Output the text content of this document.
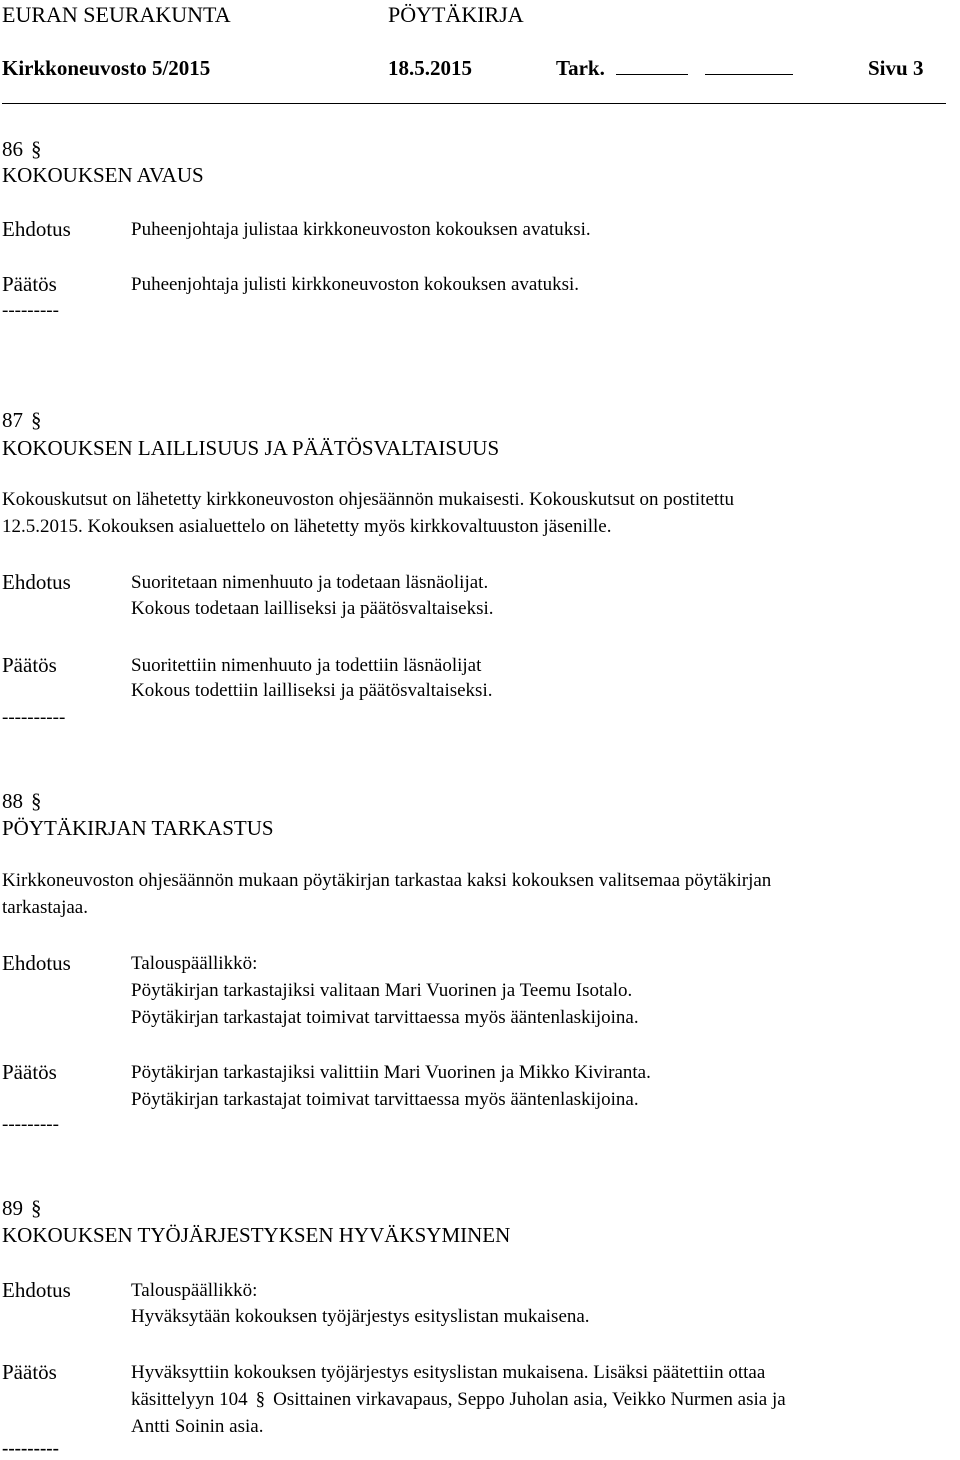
EURAN SEURAKUNTA	PÖYTÄKIRJA
Kirkkoneuvosto 5/2015	18.5.2015	Tark.	Sivu 3
86 §
KOKOUKSEN AVAUS
Ehdotus	Puheenjohtaja julistaa kirkkoneuvoston kokouksen avatuksi.
Päätös	Puheenjohtaja julisti kirkkoneuvoston kokouksen avatuksi.
---------
87 §
KOKOUKSEN LAILLISUUS JA PÄÄTÖSVALTAISUUS
Kokouskutsut on lähetetty kirkkoneuvoston ohjesäännön mukaisesti. Kokouskutsut on postitettu
12.5.2015. Kokouksen asialuettelo on lähetetty myös kirkkovaltuuston jäsenille.
Ehdotus	Suoritetaan nimenhuuto ja todetaan läsnäolijat.
Kokous todetaan lailliseksi ja päätösvaltaiseksi.
Päätös	Suoritettiin nimenhuuto ja todettiin läsnäolijat
Kokous todettiin lailliseksi ja päätösvaltaiseksi.
----------
88 §
PÖYTÄKIRJAN TARKASTUS
Kirkkoneuvoston ohjesäännön mukaan pöytäkirjan tarkastaa kaksi kokouksen valitsemaa pöytäkirjan
tarkastajaa.
Ehdotus	Talouspäällikkö:
Pöytäkirjan tarkastajiksi valitaan Mari Vuorinen ja Teemu Isotalo.
Pöytäkirjan tarkastajat toimivat tarvittaessa myös ääntenlaskijoina.
Päätös	Pöytäkirjan tarkastajiksi valittiin Mari Vuorinen ja Mikko Kiviranta.
Pöytäkirjan tarkastajat toimivat tarvittaessa myös ääntenlaskijoina.
---------
89 §
KOKOUKSEN TYÖJÄRJESTYKSEN HYVÄKSYMINEN
Ehdotus	Talouspäällikkö:
Hyväksytään kokouksen työjärjestys esityslistan mukaisena.
Päätös	Hyväksyttiin kokouksen työjärjestys esityslistan mukaisena. Lisäksi päätettiin ottaa
käsittelyyn 104 § Osittainen virkavapaus, Seppo Juholan asia, Veikko Nurmen asia ja
Antti Soinin asia.
---------
